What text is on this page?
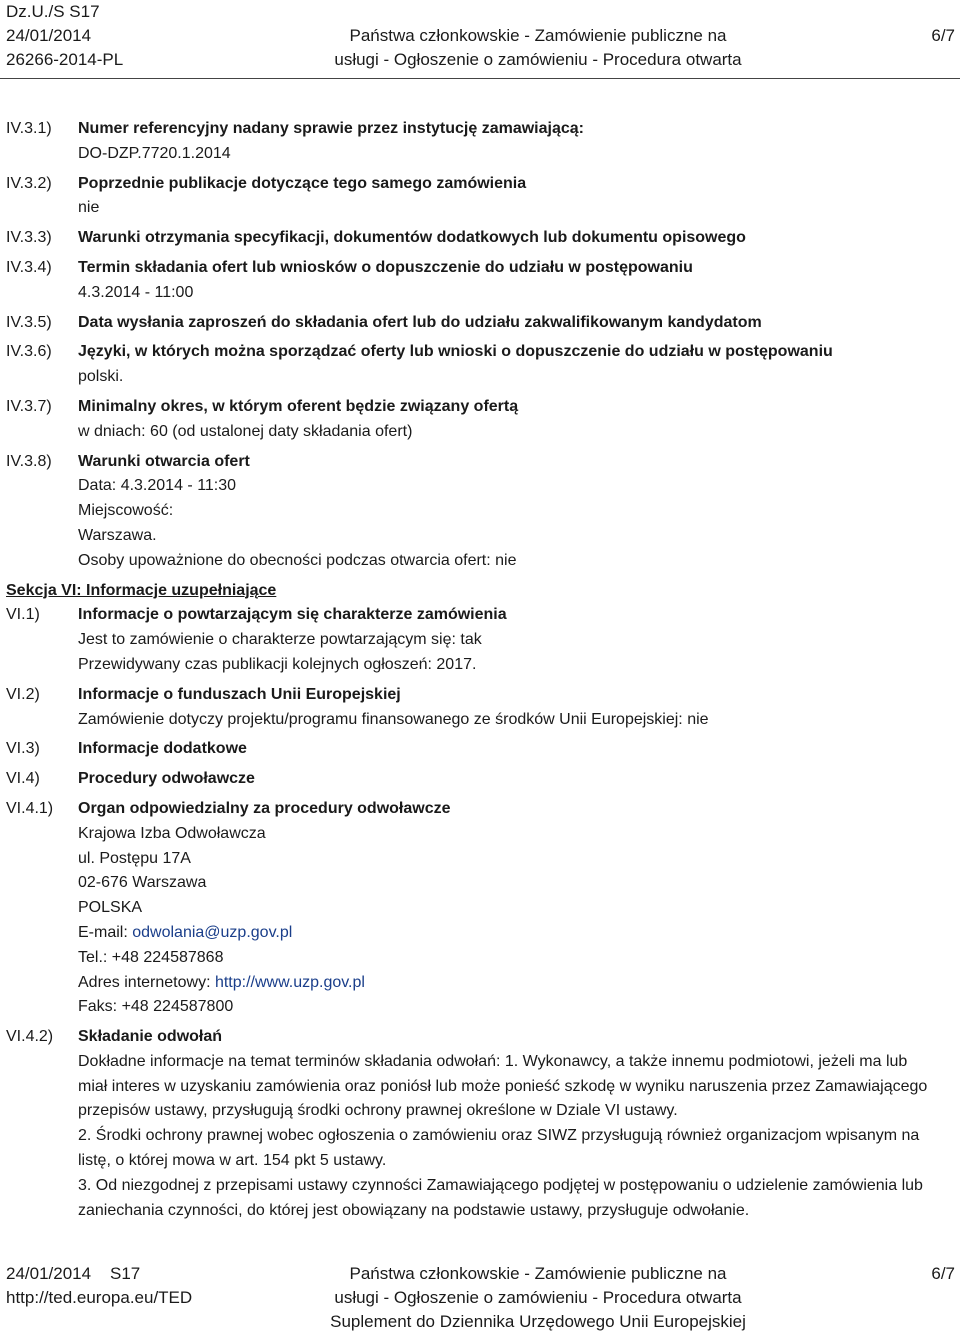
Dz.U./S S17
24/01/2014
26266-2014-PL
Państwa członkowskie - Zamówienie publiczne na
usługi - Ogłoszenie o zamówieniu - Procedura otwarta
6/7
IV.3.1)	Numer referencyjny nadany sprawie przez instytucję zamawiającą:
DO-DZP.7720.1.2014
IV.3.2)	Poprzednie publikacje dotyczące tego samego zamówienia
nie
IV.3.3)	Warunki otrzymania specyfikacji, dokumentów dodatkowych lub dokumentu opisowego
IV.3.4)	Termin składania ofert lub wniosków o dopuszczenie do udziału w postępowaniu
4.3.2014 - 11:00
IV.3.5)	Data wysłania zaproszeń do składania ofert lub do udziału zakwalifikowanym kandydatom
IV.3.6)	Języki, w których można sporządzać oferty lub wnioski o dopuszczenie do udziału w postępowaniu
polski.
IV.3.7)	Minimalny okres, w którym oferent będzie związany ofertą
w dniach: 60 (od ustalonej daty składania ofert)
IV.3.8)	Warunki otwarcia ofert
Data: 4.3.2014 - 11:30
Miejscowość:
Warszawa.
Osoby upoważnione do obecności podczas otwarcia ofert: nie
Sekcja VI: Informacje uzupełniające
VI.1)	Informacje o powtarzającym się charakterze zamówienia
Jest to zamówienie o charakterze powtarzającym się: tak
Przewidywany czas publikacji kolejnych ogłoszeń: 2017.
VI.2)	Informacje o funduszach Unii Europejskiej
Zamówienie dotyczy projektu/programu finansowanego ze środków Unii Europejskiej: nie
VI.3)	Informacje dodatkowe
VI.4)	Procedury odwoławcze
VI.4.1)	Organ odpowiedzialny za procedury odwoławcze
Krajowa Izba Odwoławcza
ul. Postępu 17A
02-676 Warszawa
POLSKA
E-mail: odwolania@uzp.gov.pl
Tel.: +48 224587868
Adres internetowy: http://www.uzp.gov.pl
Faks: +48 224587800
VI.4.2)	Składanie odwołań
Dokładne informacje na temat terminów składania odwołań: 1. Wykonawcy, a także innemu podmiotowi, jeżeli ma lub miał interes w uzyskaniu zamówienia oraz poniósł lub może ponieść szkodę w wyniku naruszenia przez Zamawiającego przepisów ustawy, przysługują środki ochrony prawnej określone w Dziale VI ustawy.
2. Środki ochrony prawnej wobec ogłoszenia o zamówieniu oraz SIWZ przysługują również organizacjom wpisanym na listę, o której mowa w art. 154 pkt 5 ustawy.
3. Od niezgodnej z przepisami ustawy czynności Zamawiającego podjętej w postępowaniu o udzielenie zamówienia lub zaniechania czynności, do której jest obowiązany na podstawie ustawy, przysługuje odwołanie.
24/01/2014    S17
http://ted.europa.eu/TED
Państwa członkowskie - Zamówienie publiczne na
usługi - Ogłoszenie o zamówieniu - Procedura otwarta
Suplement do Dziennika Urzędowego Unii Europejskiej
6/7
